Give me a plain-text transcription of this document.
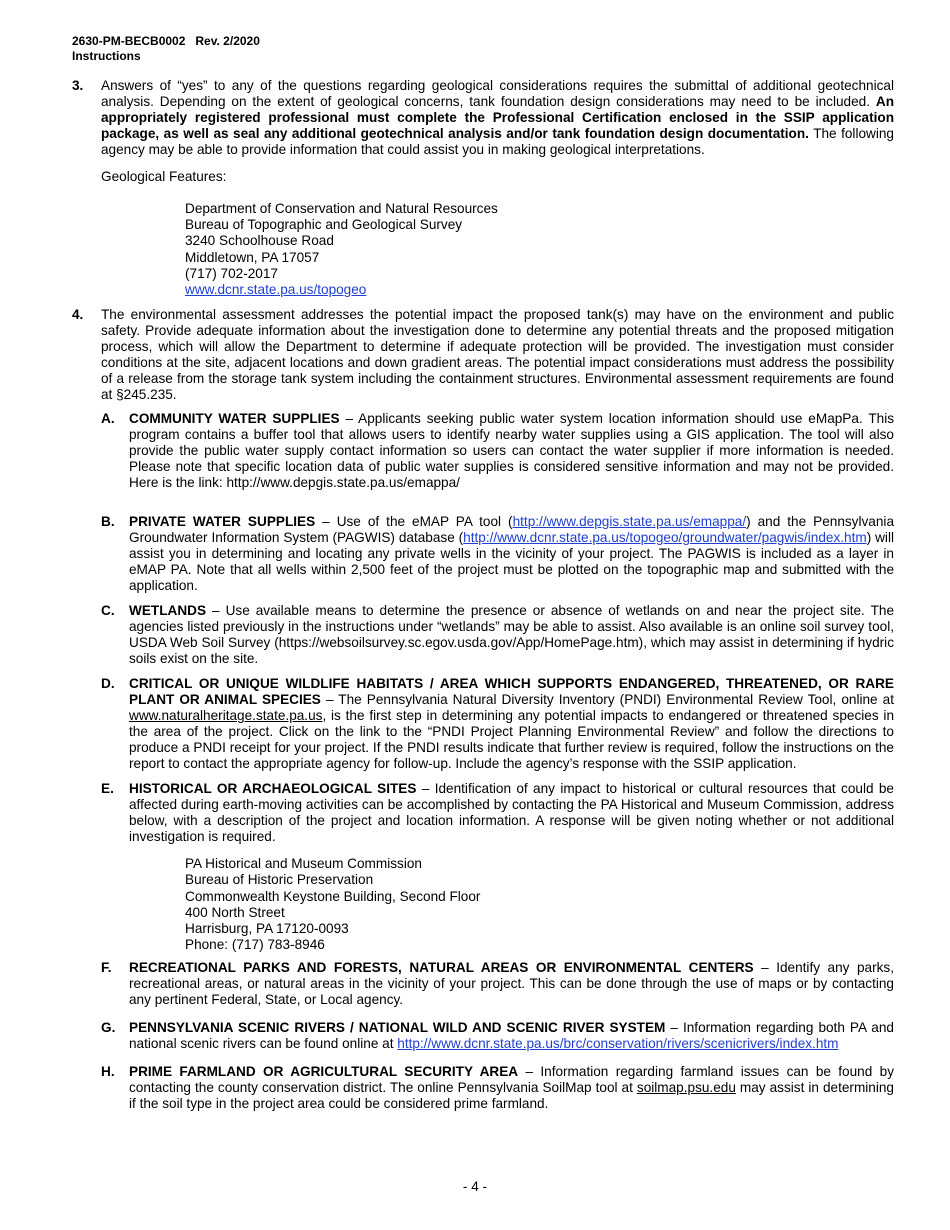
2630-PM-BECB0002 Rev. 2/2020
Instructions
3. Answers of “yes” to any of the questions regarding geological considerations requires the submittal of additional geotechnical analysis. Depending on the extent of geological concerns, tank foundation design considerations may need to be included. An appropriately registered professional must complete the Professional Certification enclosed in the SSIP application package, as well as seal any additional geotechnical analysis and/or tank foundation design documentation. The following agency may be able to provide information that could assist you in making geological interpretations.

Geological Features:

Department of Conservation and Natural Resources
Bureau of Topographic and Geological Survey
3240 Schoolhouse Road
Middletown, PA 17057
(717) 702-2017
www.dcnr.state.pa.us/topogeo
4. The environmental assessment addresses the potential impact the proposed tank(s) may have on the environment and public safety. Provide adequate information about the investigation done to determine any potential threats and the proposed mitigation process, which will allow the Department to determine if adequate protection will be provided. The investigation must consider conditions at the site, adjacent locations and down gradient areas. The potential impact considerations must address the possibility of a release from the storage tank system including the containment structures. Environmental assessment requirements are found at §245.235.

A. COMMUNITY WATER SUPPLIES – Applicants seeking public water system location information should use eMapPa. This program contains a buffer tool that allows users to identify nearby water supplies using a GIS application. The tool will also provide the public water supply contact information so users can contact the water supplier if more information is needed. Please note that specific location data of public water supplies is considered sensitive information and may not be provided. Here is the link: http://www.depgis.state.pa.us/emappa/

B. PRIVATE WATER SUPPLIES – Use of the eMAP PA tool (http://www.depgis.state.pa.us/emappa/) and the Pennsylvania Groundwater Information System (PAGWIS) database (http://www.dcnr.state.pa.us/topogeo/groundwater/pagwis/index.htm) will assist you in determining and locating any private wells in the vicinity of your project. The PAGWIS is included as a layer in eMAP PA. Note that all wells within 2,500 feet of the project must be plotted on the topographic map and submitted with the application.

C. WETLANDS – Use available means to determine the presence or absence of wetlands on and near the project site. The agencies listed previously in the instructions under “wetlands” may be able to assist. Also available is an online soil survey tool, USDA Web Soil Survey (https://websoilsurvey.sc.egov.usda.gov/App/HomePage.htm), which may assist in determining if hydric soils exist on the site.

D. CRITICAL OR UNIQUE WILDLIFE HABITATS / AREA WHICH SUPPORTS ENDANGERED, THREATENED, OR RARE PLANT OR ANIMAL SPECIES – The Pennsylvania Natural Diversity Inventory (PNDI) Environmental Review Tool, online at www.naturalheritage.state.pa.us, is the first step in determining any potential impacts to endangered or threatened species in the area of the project. Click on the link to the “PNDI Project Planning Environmental Review” and follow the directions to produce a PNDI receipt for your project. If the PNDI results indicate that further review is required, follow the instructions on the report to contact the appropriate agency for follow-up. Include the agency’s response with the SSIP application.

E. HISTORICAL OR ARCHAEOLOGICAL SITES – Identification of any impact to historical or cultural resources that could be affected during earth-moving activities can be accomplished by contacting the PA Historical and Museum Commission, address below, with a description of the project and location information. A response will be given noting whether or not additional investigation is required.

PA Historical and Museum Commission
Bureau of Historic Preservation
Commonwealth Keystone Building, Second Floor
400 North Street
Harrisburg, PA 17120-0093
Phone: (717) 783-8946
F. RECREATIONAL PARKS AND FORESTS, NATURAL AREAS OR ENVIRONMENTAL CENTERS – Identify any parks, recreational areas, or natural areas in the vicinity of your project. This can be done through the use of maps or by contacting any pertinent Federal, State, or Local agency.

G. PENNSYLVANIA SCENIC RIVERS / NATIONAL WILD AND SCENIC RIVER SYSTEM – Information regarding both PA and national scenic rivers can be found online at http://www.dcnr.state.pa.us/brc/conservation/rivers/scenicrivers/index.htm

H. PRIME FARMLAND OR AGRICULTURAL SECURITY AREA – Information regarding farmland issues can be found by contacting the county conservation district. The online Pennsylvania SoilMap tool at soilmap.psu.edu may assist in determining if the soil type in the project area could be considered prime farmland.

- 4 -
